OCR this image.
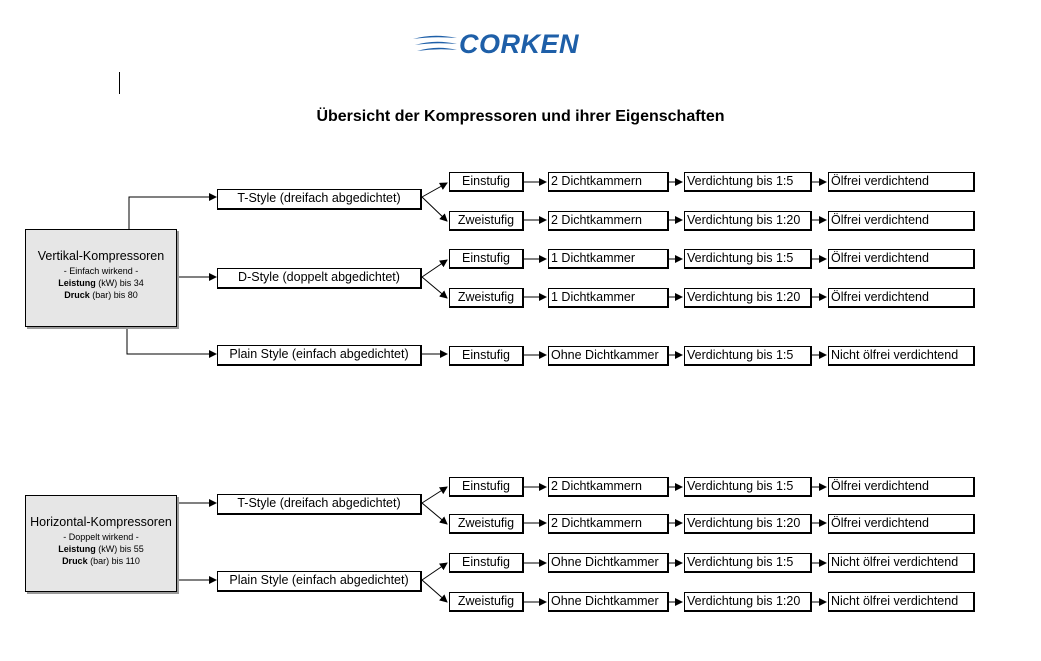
CORKEN
Übersicht der Kompressoren und ihrer Eigenschaften
Vertikal-Kompressoren
- Einfach wirkend -
Leistung (kW) bis 34
Druck (bar) bis 80
Horizontal-Kompressoren
- Doppelt wirkend -
Leistung (kW) bis 55
Druck (bar) bis 110
T-Style (dreifach abgedichtet)
D-Style (doppelt abgedichtet)
Plain Style (einfach abgedichtet)
T-Style (dreifach abgedichtet)
Plain Style (einfach abgedichtet)
Einstufig	2 Dichtkammern	Verdichtung bis 1:5	Ölfrei verdichtend
Zweistufig	2 Dichtkammern	Verdichtung bis 1:20	Ölfrei verdichtend
Einstufig	1 Dichtkammer	Verdichtung bis 1:5	Ölfrei verdichtend
Zweistufig	1 Dichtkammer	Verdichtung bis 1:20	Ölfrei verdichtend
Einstufig	Ohne Dichtkammer	Verdichtung bis 1:5	Nicht ölfrei verdichtend
Einstufig	2 Dichtkammern	Verdichtung bis 1:5	Ölfrei verdichtend
Zweistufig	2 Dichtkammern	Verdichtung bis 1:20	Ölfrei verdichtend
Einstufig	Ohne Dichtkammer	Verdichtung bis 1:5	Nicht ölfrei verdichtend
Zweistufig	Ohne Dichtkammer	Verdichtung bis 1:20	Nicht ölfrei verdichtend
